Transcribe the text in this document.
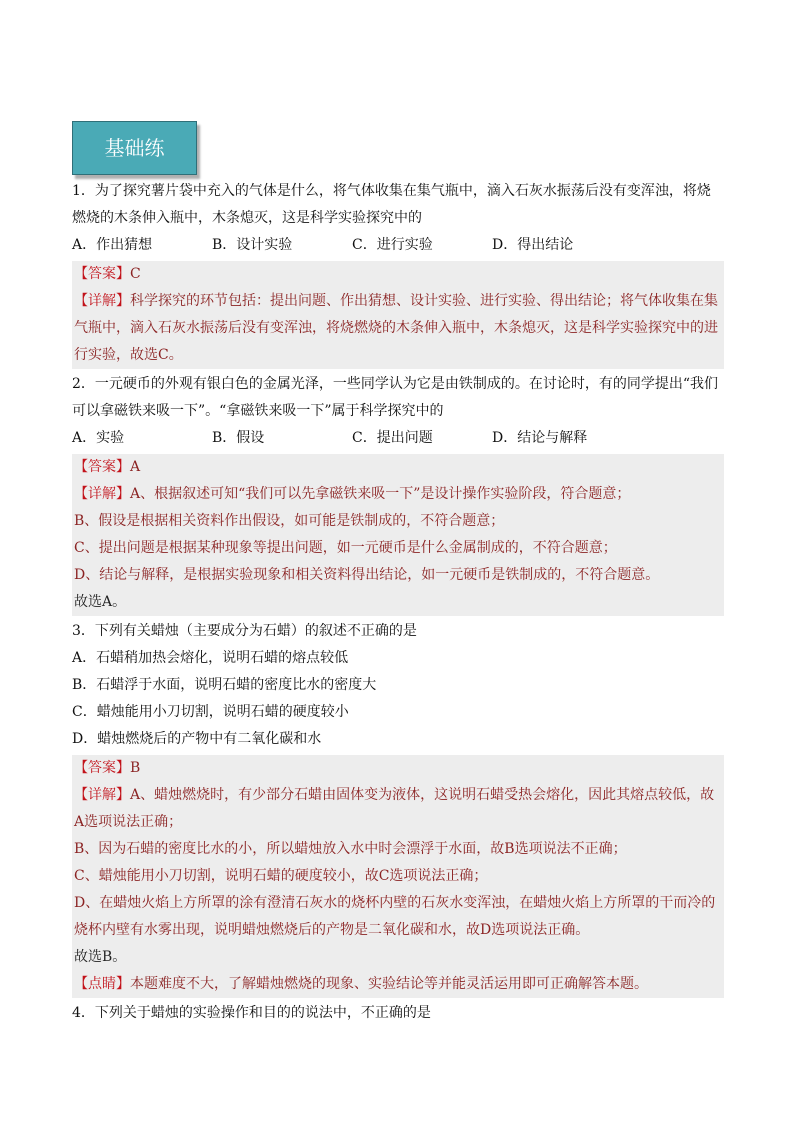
基础练

1．为了探究薯片袋中充入的气体是什么，将气体收集在集气瓶中，滴入石灰水振荡后没有变浑浊，将烧燃烧的木条伸入瓶中，木条熄灭，这是科学实验探究中的

A．作出猜想	B．设计实验	C．进行实验	D．得出结论
【答案】C
【详解】科学探究的环节包括：提出问题、作出猜想、设计实验、进行实验、得出结论；将气体收集在集气瓶中，滴入石灰水振荡后没有变浑浊，将烧燃烧的木条伸入瓶中，木条熄灭，这是科学实验探究中的进行实验，故选C。

2．一元硬币的外观有银白色的金属光泽，一些同学认为它是由铁制成的。在讨论时，有的同学提出“我们可以拿磁铁来吸一下”。“拿磁铁来吸一下”属于科学探究中的

A．实验	B．假设	C．提出问题	D．结论与解释
【答案】A
【详解】A、根据叙述可知“我们可以先拿磁铁来吸一下”是设计操作实验阶段，符合题意；
B、假设是根据相关资料作出假设，如可能是铁制成的，不符合题意；
C、提出问题是根据某种现象等提出问题，如一元硬币是什么金属制成的，不符合题意；
D、结论与解释，是根据实验现象和相关资料得出结论，如一元硬币是铁制成的，不符合题意。
故选A。

3．下列有关蜡烛（主要成分为石蜡）的叙述不正确的是

A．石蜡稍加热会熔化，说明石蜡的熔点较低
B．石蜡浮于水面，说明石蜡的密度比水的密度大
C．蜡烛能用小刀切割，说明石蜡的硬度较小
D．蜡烛燃烧后的产物中有二氧化碳和水
【答案】B
【详解】A、蜡烛燃烧时，有少部分石蜡由固体变为液体，这说明石蜡受热会熔化，因此其熔点较低，故A选项说法正确；
B、因为石蜡的密度比水的小，所以蜡烛放入水中时会漂浮于水面，故B选项说法不正确；
C、蜡烛能用小刀切割，说明石蜡的硬度较小，故C选项说法正确；
D、在蜡烛火焰上方所罩的涂有澄清石灰水的烧杯内壁的石灰水变浑浊，在蜡烛火焰上方所罩的干而冷的烧杯内壁有水雾出现，说明蜡烛燃烧后的产物是二氧化碳和水，故D选项说法正确。
故选B。
【点睛】本题难度不大，了解蜡烛燃烧的现象、实验结论等并能灵活运用即可正确解答本题。

4．下列关于蜡烛的实验操作和目的的说法中，不正确的是
